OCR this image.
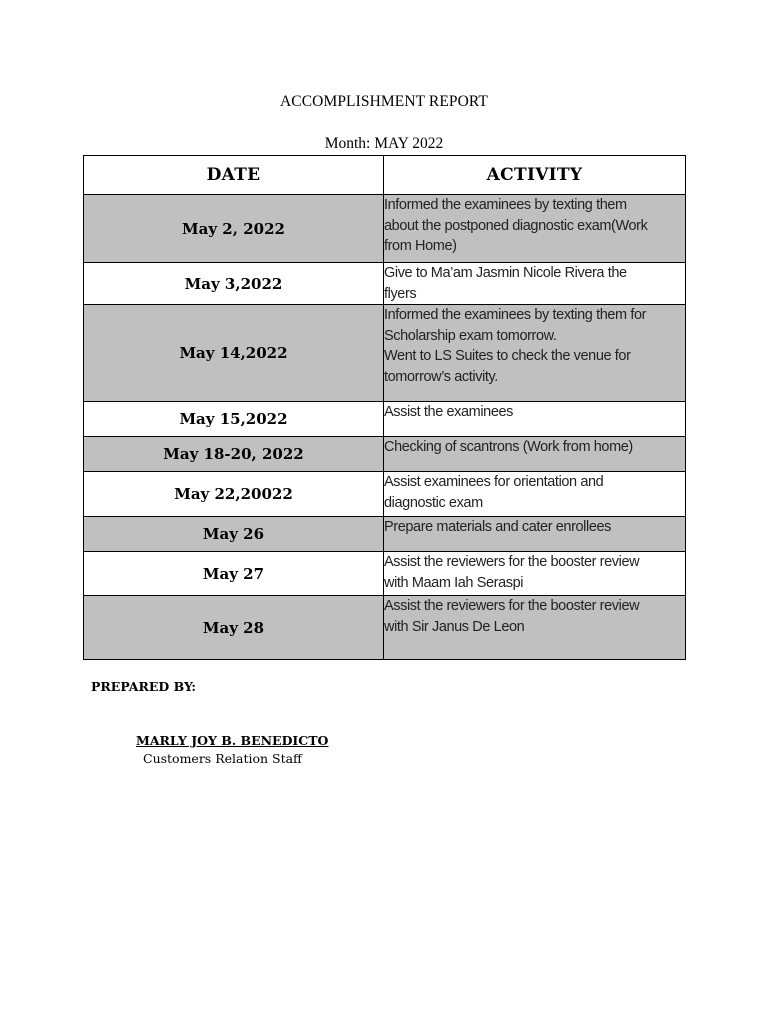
ACCOMPLISHMENT REPORT
Month: MAY 2022
DATE	ACTIVITY
May 2, 2022	Informed the examinees by texting them
about the postponed diagnostic exam(Work
from Home)

May 3,2022	Give to Ma’am Jasmin Nicole Rivera the
flyers

May 14,2022	Informed the examinees by texting them for
Scholarship exam tomorrow.
Went to LS Suites to check the venue for
tomorrow’s activity.

May 15,2022	Assist the examinees

May 18-20, 2022	Checking of scantrons (Work from home)

May 22,20022	Assist examinees for orientation and
diagnostic exam

May 26	Prepare materials and cater enrollees

May 27	Assist the reviewers for the booster review
with Maam Iah Seraspi

May 28	Assist the reviewers for the booster review
with Sir Janus De Leon
PREPARED BY:
MARLY JOY B. BENEDICTO
Customers Relation Staff
